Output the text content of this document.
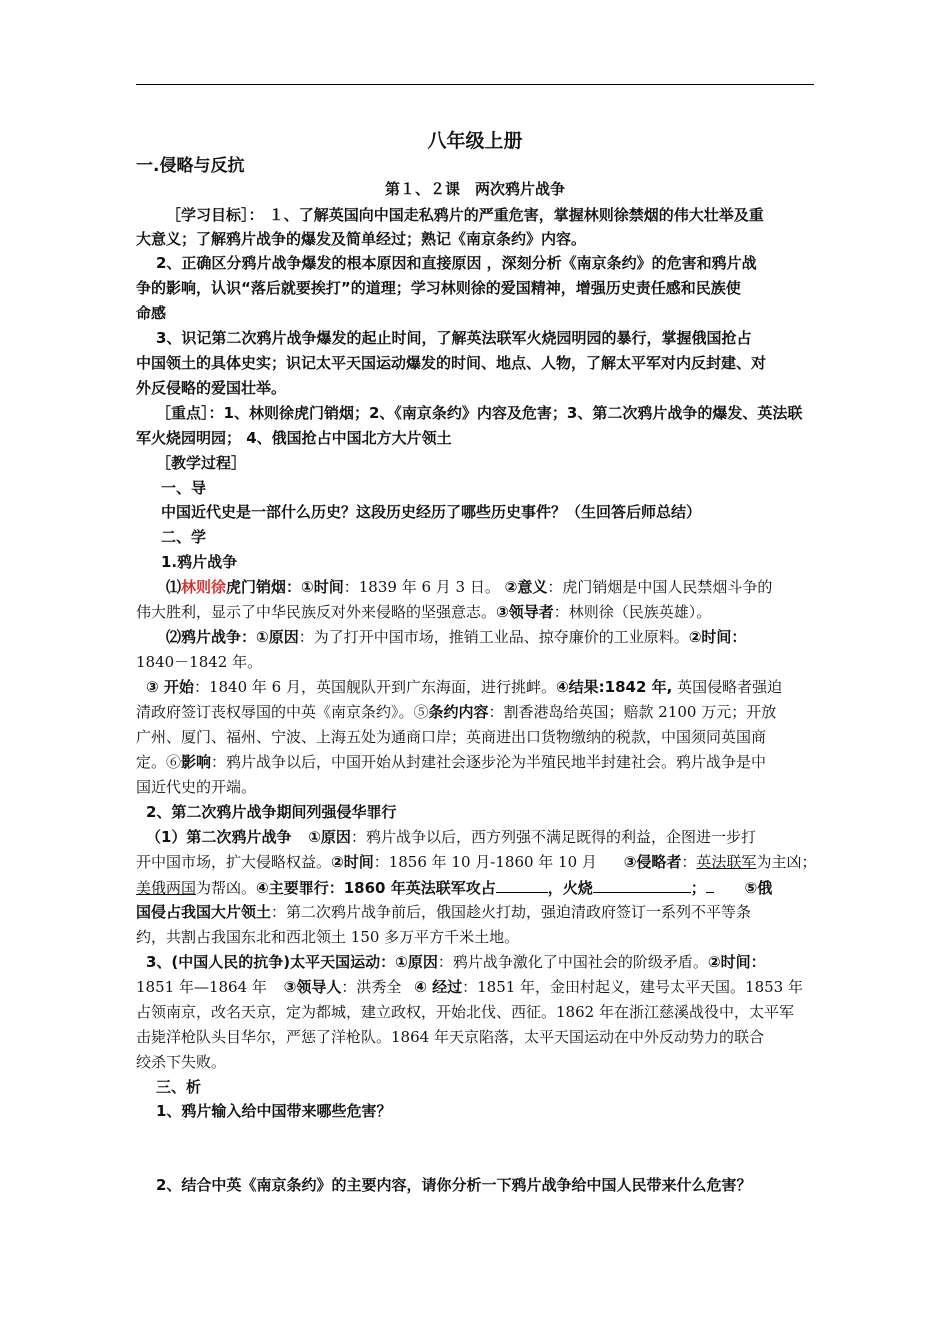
八年级上册
一.侵略与反抗
第１、２课　两次鸦片战争
［学习目标］： １、了解英国向中国走私鸦片的严重危害，掌握林则徐禁烟的伟大壮举及重
大意义；了解鸦片战争的爆发及简单经过；熟记《南京条约》内容。
2、正确区分鸦片战争爆发的根本原因和直接原因 ，深刻分析《南京条约》的危害和鸦片战
争的影响，认识“落后就要挨打”的道理；学习林则徐的爱国精神，增强历史责任感和民族使
命感
3、识记第二次鸦片战争爆发的起止时间，了解英法联军火烧园明园的暴行，掌握俄国抢占
中国领土的具体史实；识记太平天国运动爆发的时间、地点、人物，了解太平军对内反封建、对
外反侵略的爱国壮举。
［重点］：1、林则徐虎门销烟；2、《南京条约》内容及危害；3、第二次鸦片战争的爆发、英法联
军火烧园明园； 4、俄国抢占中国北方大片领土
［教学过程］
一、导
中国近代史是一部什么历史？这段历史经历了哪些历史事件？（生回答后师总结）
二、学
1.鸦片战争
⑴林则徐虎门销烟：①时间：1839 年 6 月 3 日。 ②意义：虎门销烟是中国人民禁烟斗争的
伟大胜利，显示了中华民族反对外来侵略的坚强意志。③领导者：林则徐（民族英雄）。
⑵鸦片战争：①原因：为了打开中国市场，推销工业品、掠夺廉价的工业原料。②时间：
1840－1842 年。
③ 开始：1840 年 6 月，英国舰队开到广东海面，进行挑衅。④结果:1842 年, 英国侵略者强迫
清政府签订丧权辱国的中英《南京条约》。⑤条约内容：割香港岛给英国；赔款 2100 万元；开放
广州、厦门、福州、宁波、上海五处为通商口岸；英商进出口货物缴纳的税款，中国须同英国商
定。⑥影响：鸦片战争以后，中国开始从封建社会逐步沦为半殖民地半封建社会。鸦片战争是中
国近代史的开端。
2、第二次鸦片战争期间列强侵华罪行
（1）第二次鸦片战争 ①原因：鸦片战争以后，西方列强不满足既得的利益，企图进一步打
开中国市场，扩大侵略权益。②时间：1856 年 10 月-1860 年 10 月 ③侵略者：英法联军为主凶；
美俄两国为帮凶。④主要罪行：1860 年英法联军攻占	，火烧	；	⑤俄
国侵占我国大片领土：第二次鸦片战争前后，俄国趁火打劫，强迫清政府签订一系列不平等条
约，共割占我国东北和西北领土 150 多万平方千米土地。
3、(中国人民的抗争)太平天国运动：①原因：鸦片战争激化了中国社会的阶级矛盾。②时间：
1851 年—1864 年 ③领导人：洪秀全 ④ 经过：1851 年，金田村起义，建号太平天国。1853 年
占领南京，改名天京，定为都城，建立政权，开始北伐、西征。1862 年在浙江慈溪战役中，太平军
击毙洋枪队头目华尔，严惩了洋枪队。1864 年天京陷落，太平天国运动在中外反动势力的联合
绞杀下失败。
三、析
1、鸦片输入给中国带来哪些危害？
2、结合中英《南京条约》的主要内容，请你分析一下鸦片战争给中国人民带来什么危害？
